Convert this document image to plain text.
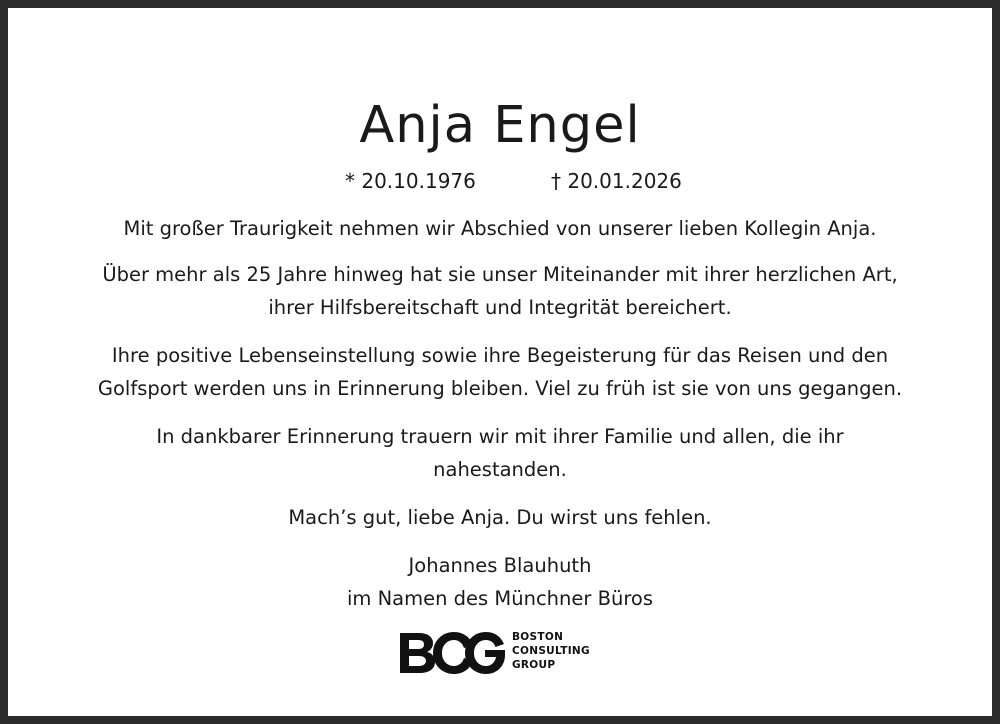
Anja Engel
* 20.10.1976	† 20.01.2026
Mit großer Traurigkeit nehmen wir Abschied von unserer lieben Kollegin Anja.
Über mehr als 25 Jahre hinweg hat sie unser Miteinander mit ihrer herzlichen Art,
ihrer Hilfsbereitschaft und Integrität bereichert.
Ihre positive Lebenseinstellung sowie ihre Begeisterung für das Reisen und den
Golfsport werden uns in Erinnerung bleiben. Viel zu früh ist sie von uns gegangen.
In dankbarer Erinnerung trauern wir mit ihrer Familie und allen, die ihr
nahestanden.
Mach’s gut, liebe Anja. Du wirst uns fehlen.
Johannes Blauhuth
im Namen des Münchner Büros
BOSTON
CONSULTING
GROUP
